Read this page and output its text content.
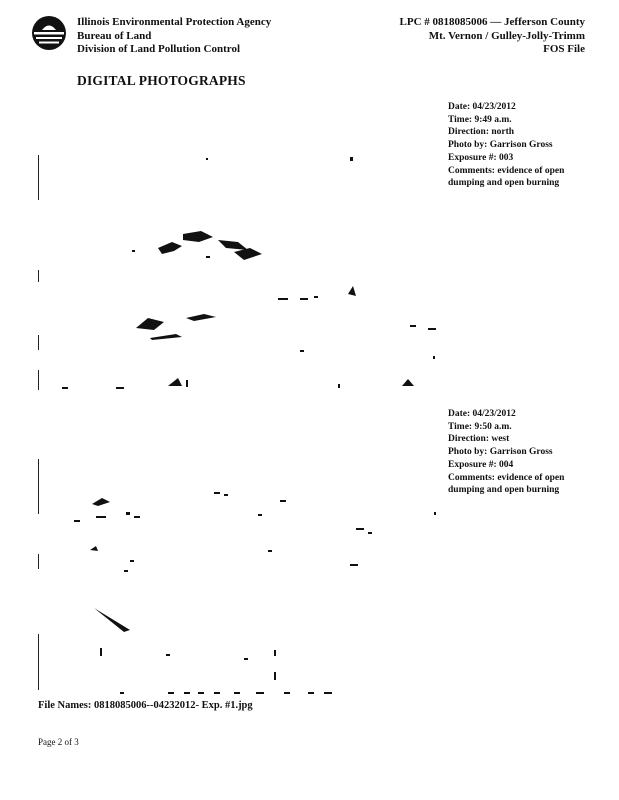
Illinois Environmental Protection Agency
Bureau of Land
Division of Land Pollution Control
LPC # 0818085006 — Jefferson County
Mt. Vernon / Gulley-Jolly-Trimm
FOS File
DIGITAL PHOTOGRAPHS
Date: 04/23/2012
Time: 9:49 a.m.
Direction: north
Photo by: Garrison Gross
Exposure #: 003
Comments: evidence of open dumping and open burning
Date: 04/23/2012
Time: 9:50 a.m.
Direction: west
Photo by: Garrison Gross
Exposure #: 004
Comments: evidence of open dumping and open burning
File Names: 0818085006--04232012- Exp. #1.jpg
Page 2 of 3
